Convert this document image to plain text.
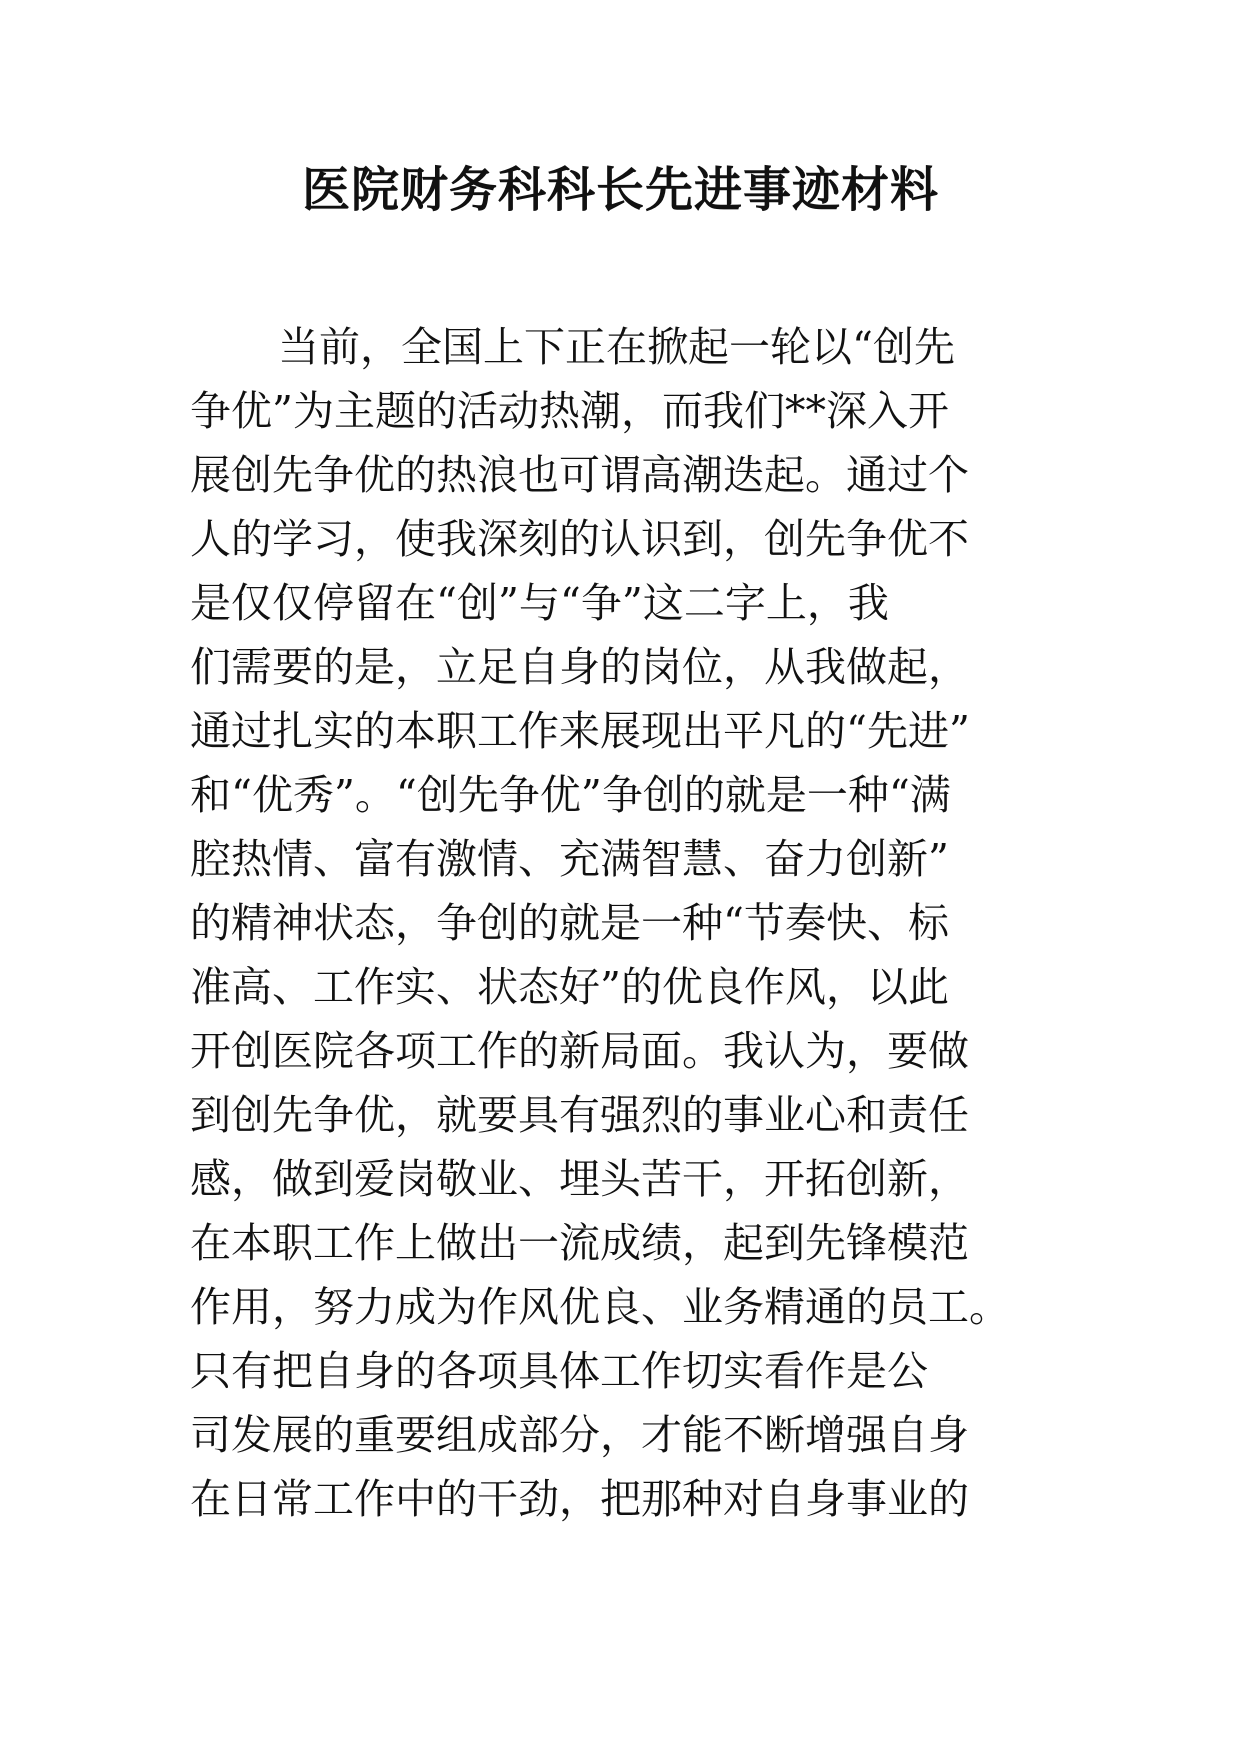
医院财务科科长先进事迹材料
当前，全国上下正在掀起一轮以“创先
争优”为主题的活动热潮，而我们**深入开
展创先争优的热浪也可谓高潮迭起。通过个
人的学习，使我深刻的认识到，创先争优不
是仅仅停留在“创”与“争”这二字上，我
们需要的是，立足自身的岗位，从我做起，
通过扎实的本职工作来展现出平凡的“先进”
和“优秀”。“创先争优”争创的就是一种“满
腔热情、富有激情、充满智慧、奋力创新”
的精神状态，争创的就是一种“节奏快、标
准高、工作实、状态好”的优良作风，以此
开创医院各项工作的新局面。我认为，要做
到创先争优，就要具有强烈的事业心和责任
感，做到爱岗敬业、埋头苦干，开拓创新，
在本职工作上做出一流成绩，起到先锋模范
作用，努力成为作风优良、业务精通的员工。
只有把自身的各项具体工作切实看作是公
司发展的重要组成部分，才能不断增强自身
在日常工作中的干劲，把那种对自身事业的
